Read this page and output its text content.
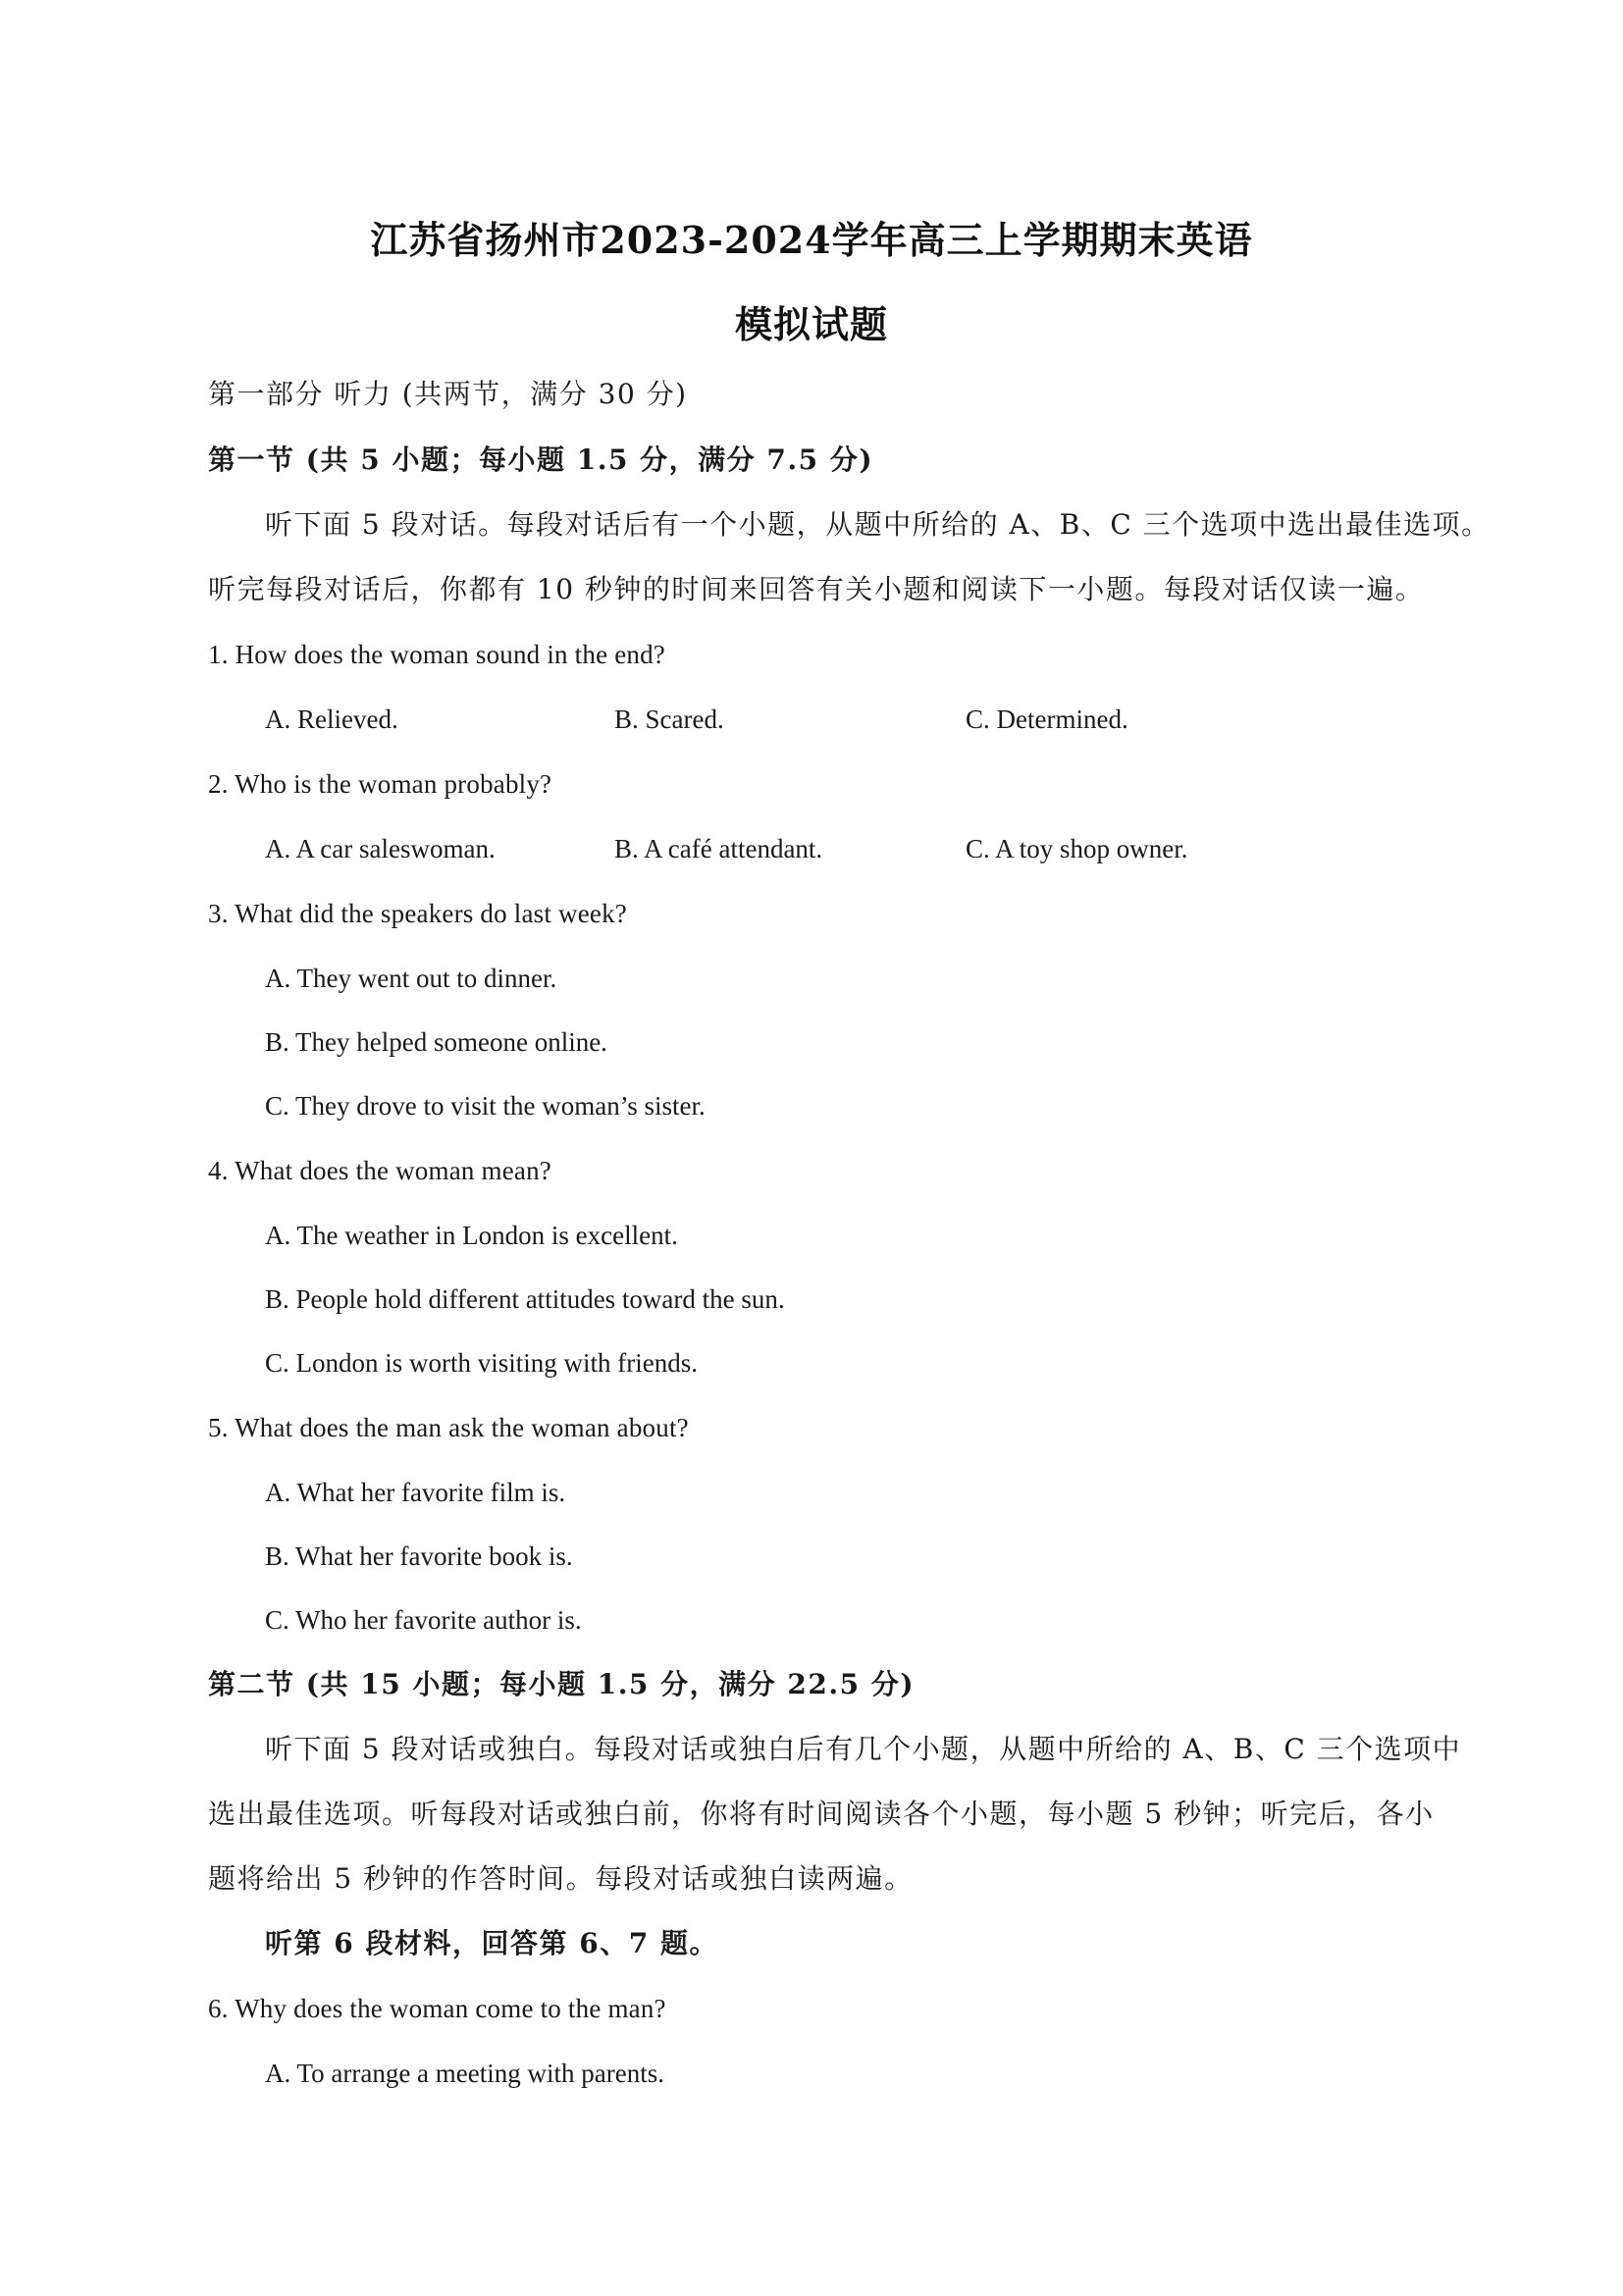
江苏省扬州市2023-2024学年高三上学期期末英语
模拟试题
第一部分 听力 (共两节，满分 30 分)
第一节 (共 5 小题；每小题 1.5 分，满分 7.5 分)
听下面 5 段对话。每段对话后有一个小题，从题中所给的 A、B、C 三个选项中选出最佳选项。
听完每段对话后，你都有 10 秒钟的时间来回答有关小题和阅读下一小题。每段对话仅读一遍。
1. How does the woman sound in the end?
A. Relieved.	B. Scared.	C. Determined.
2. Who is the woman probably?
A. A car saleswoman.	B. A café attendant.	C. A toy shop owner.
3. What did the speakers do last week?
A. They went out to dinner.
B. They helped someone online.
C. They drove to visit the woman’s sister.
4. What does the woman mean?
A. The weather in London is excellent.
B. People hold different attitudes toward the sun.
C. London is worth visiting with friends.
5. What does the man ask the woman about?
A. What her favorite film is.
B. What her favorite book is.
C. Who her favorite author is.
第二节 (共 15 小题；每小题 1.5 分，满分 22.5 分)
听下面 5 段对话或独白。每段对话或独白后有几个小题，从题中所给的 A、B、C 三个选项中
选出最佳选项。听每段对话或独白前，你将有时间阅读各个小题，每小题 5 秒钟；听完后，各小
题将给出 5 秒钟的作答时间。每段对话或独白读两遍。
听第 6 段材料，回答第 6、7 题。
6. Why does the woman come to the man?
A. To arrange a meeting with parents.
